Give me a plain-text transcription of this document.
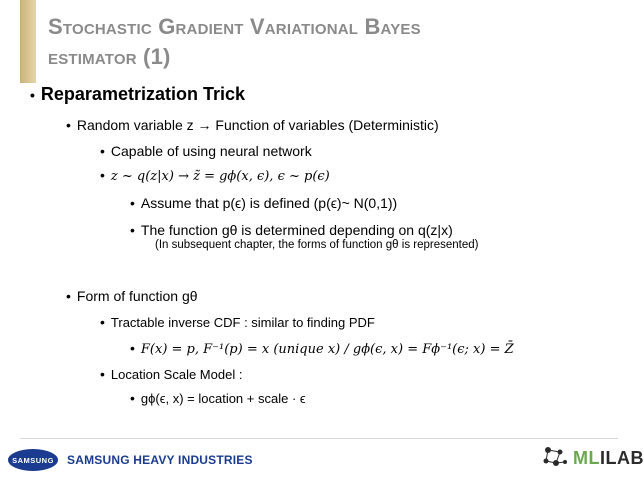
Stochastic Gradient Variational Bayes
estimator (1)
• Reparametrization Trick
• Random variable z → Function of variables (Deterministic)
• Capable of using neural network
• z ~ q(z|x) → z̃ = gϕ(x, ϵ), ϵ ~ p(ϵ)
• Assume that p(ϵ) is defined (p(ϵ)~ N(0,1))
• The function gθ is determined depending on q(z|x)
(In subsequent chapter, the forms of function gθ is represented)
• Form of function gθ
• Tractable inverse CDF : similar to finding PDF
• F(x) = p, F⁻¹(p) = x (unique x) / gϕ(ϵ, x) = Fϕ⁻¹(ϵ; x) = Z̄
• Location Scale Model :
• gϕ(ϵ, x) = location + scale · ϵ
SAMSUNG SAMSUNG HEAVY INDUSTRIES	MLILAB
